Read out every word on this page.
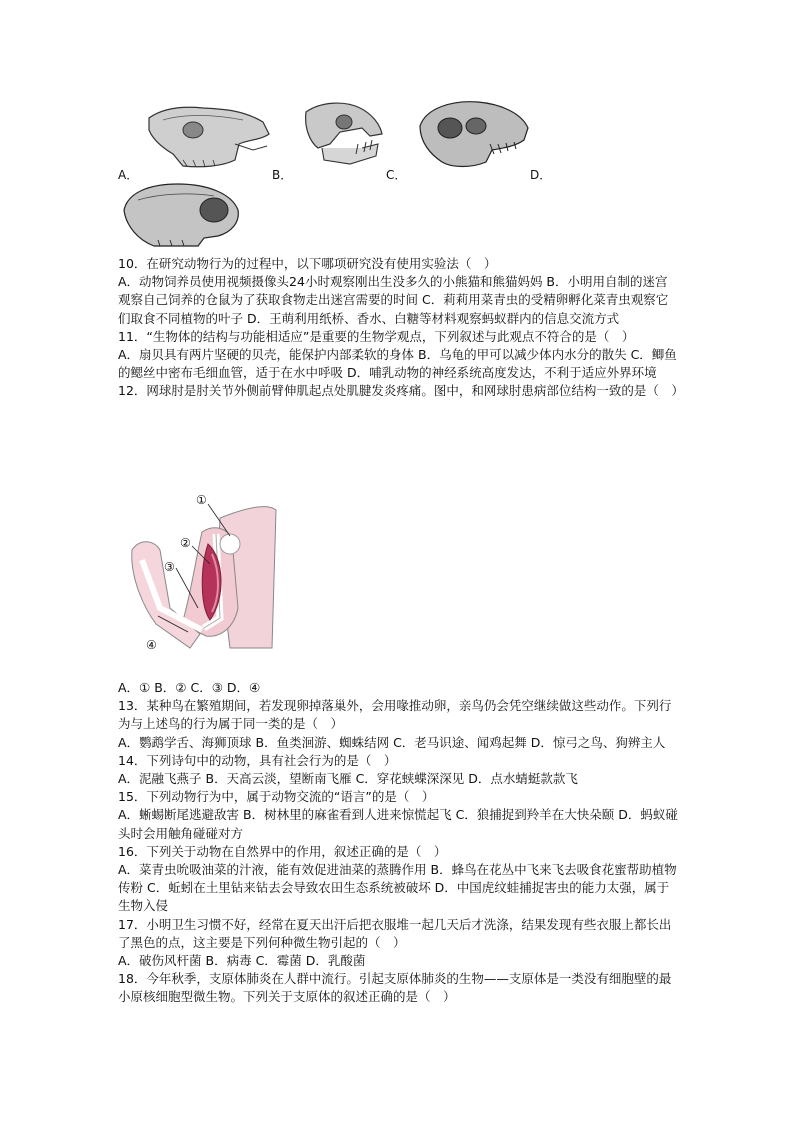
A．	B．	C．	D．

10．在研究动物行为的过程中，以下哪项研究没有使用实验法（　）

A．动物饲养员使用视频摄像头24小时观察刚出生没多久的小熊猫和熊猫妈妈 B．小明用自制的迷宫观察自己饲养的仓鼠为了获取食物走出迷宫需要的时间 C．莉莉用菜青虫的受精卵孵化菜青虫观察它们取食不同植物的叶子 D．王萌利用纸桥、香水、白糖等材料观察蚂蚁群内的信息交流方式

11．“生物体的结构与功能相适应”是重要的生物学观点，下列叙述与此观点不符合的是（　）

A．扇贝具有两片坚硬的贝壳，能保护内部柔软的身体 B．乌龟的甲可以减少体内水分的散失 C．鲫鱼的鳃丝中密布毛细血管，适于在水中呼吸 D．哺乳动物的神经系统高度发达，不利于适应外界环境

12．网球肘是肘关节外侧前臂伸肌起点处肌腱发炎疼痛。图中，和网球肘患病部位结构一致的是（　）

①
②
③
④

A．① B．② C．③ D．④

13．某种鸟在繁殖期间，若发现卵掉落巢外，会用喙推动卵，亲鸟仍会凭空继续做这些动作。下列行为与上述鸟的行为属于同一类的是（　）

A．鹦鹉学舌、海狮顶球 B．鱼类洄游、蜘蛛结网 C．老马识途、闻鸡起舞 D．惊弓之鸟、狗辨主人

14．下列诗句中的动物，具有社会行为的是（　）

A．泥融飞燕子 B．天高云淡，望断南飞雁 C．穿花蛱蝶深深见 D．点水蜻蜓款款飞

15．下列动物行为中，属于动物交流的“语言”的是（　）

A．蜥蜴断尾逃避敌害 B．树林里的麻雀看到人进来惊慌起飞 C．狼捕捉到羚羊在大快朵颐 D．蚂蚁碰头时会用触角碰碰对方

16．下列关于动物在自然界中的作用，叙述正确的是（　）

A．菜青虫吮吸油菜的汁液，能有效促进油菜的蒸腾作用 B．蜂鸟在花丛中飞来飞去吸食花蜜帮助植物传粉 C．蚯蚓在土里钻来钻去会导致农田生态系统被破坏 D．中国虎纹蛙捕捉害虫的能力太强，属于生物入侵

17．小明卫生习惯不好，经常在夏天出汗后把衣服堆一起几天后才洗涤，结果发现有些衣服上都长出了黑色的点，这主要是下列何种微生物引起的（　）

A．破伤风杆菌 B．病毒 C．霉菌 D．乳酸菌

18．今年秋季，支原体肺炎在人群中流行。引起支原体肺炎的生物——支原体是一类没有细胞壁的最小原核细胞型微生物。下列关于支原体的叙述正确的是（　）
